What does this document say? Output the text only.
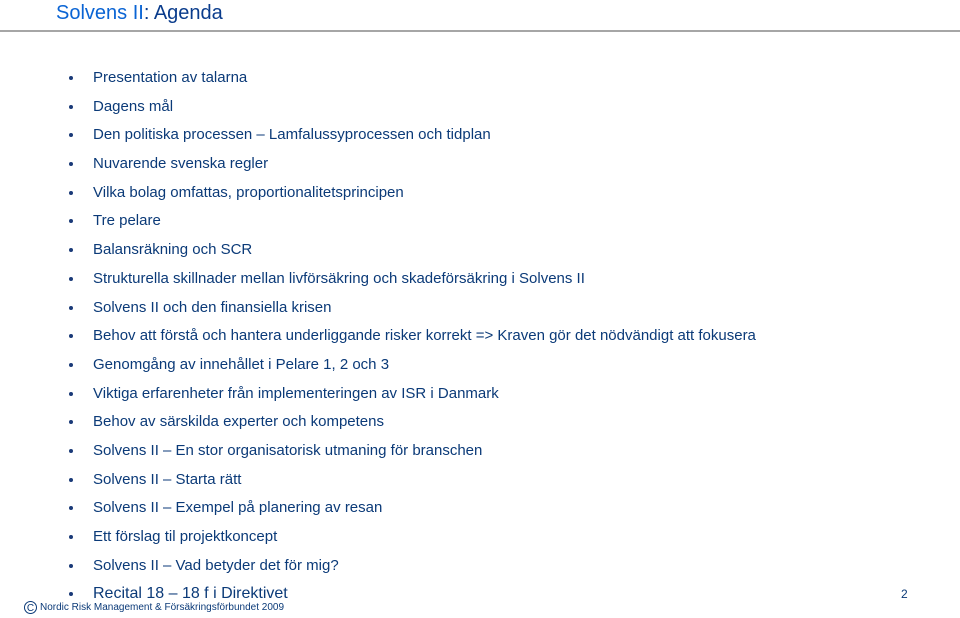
Solvens II: Agenda
Presentation av talarna
Dagens mål
Den politiska processen – Lamfalussyprocessen och tidplan
Nuvarende svenska regler
Vilka bolag omfattas, proportionalitetsprincipen
Tre pelare
Balansräkning och SCR
Strukturella skillnader mellan livförsäkring och skadeförsäkring i Solvens II
Solvens II och den finansiella krisen
Behov att förstå och hantera underliggande risker korrekt => Kraven gör det nödvändigt att fokusera
Genomgång av innehållet i Pelare 1, 2 och 3
Viktiga erfarenheter från implementeringen av ISR i Danmark
Behov av särskilda experter och kompetens
Solvens II – En stor organisatorisk utmaning för branschen
Solvens II – Starta rätt
Solvens II – Exempel på planering av resan
Ett förslag til projektkoncept
Solvens II – Vad betyder det för mig?
Recital 18 – 18 f i Direktivet
C Nordic Risk Management & Försäkringsförbundet 2009
2
